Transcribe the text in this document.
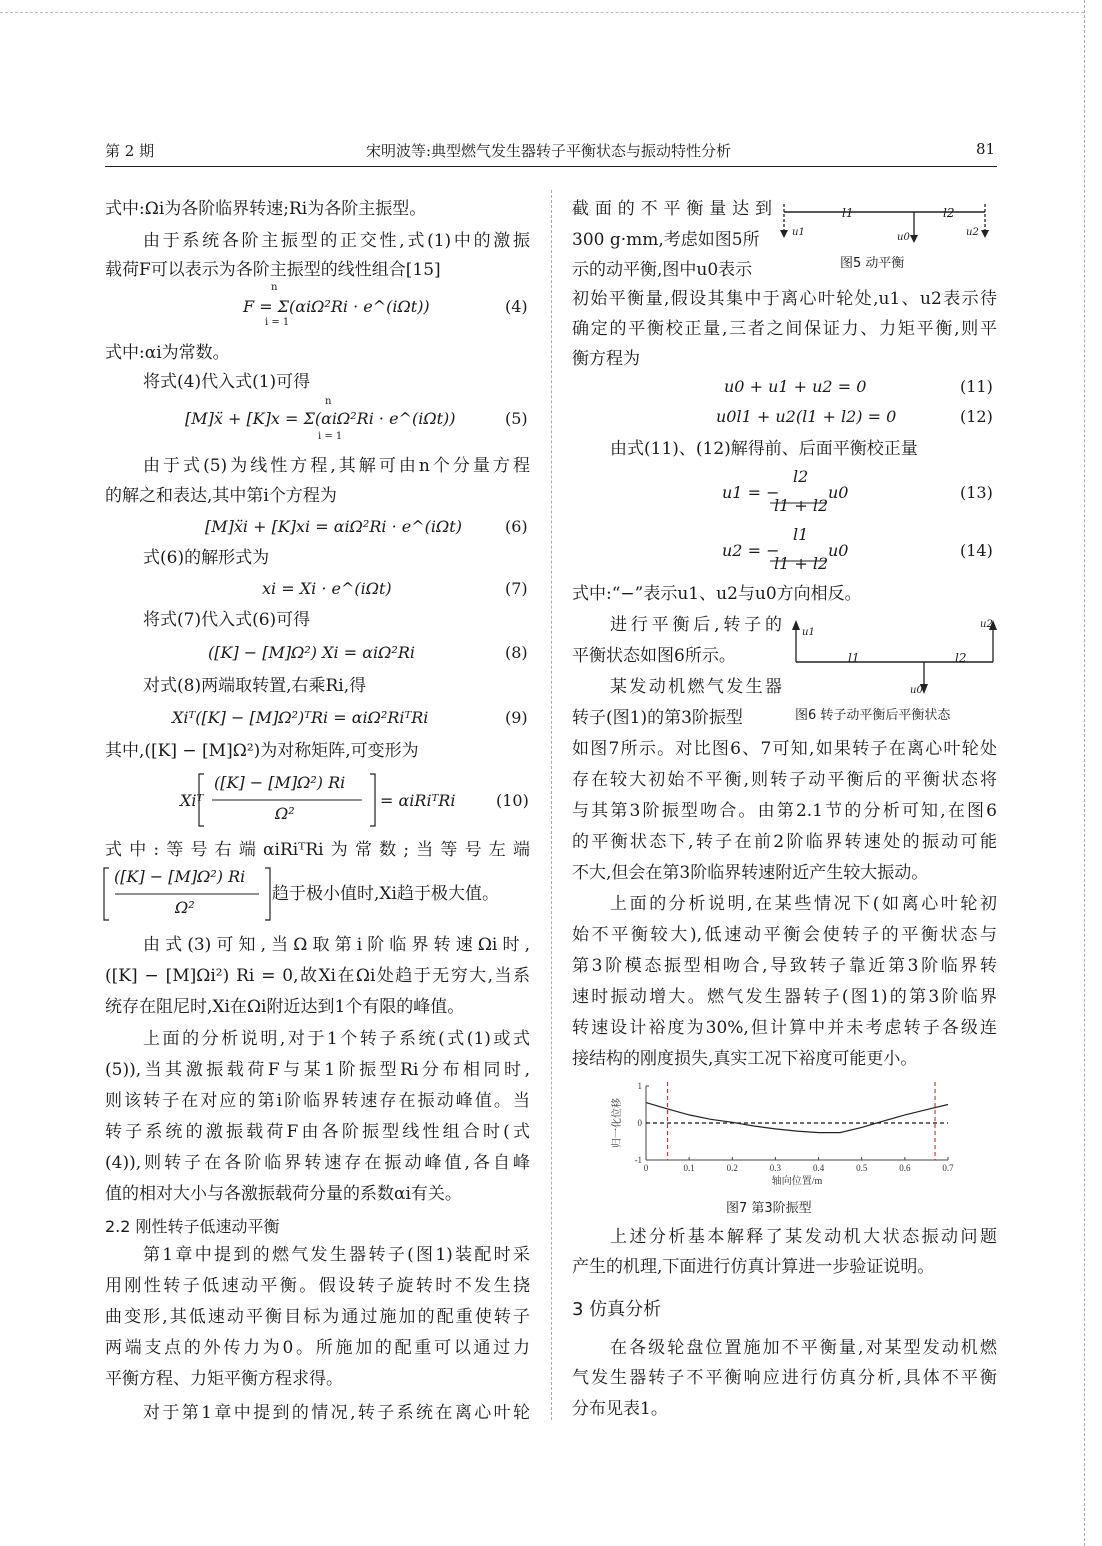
第 2 期	宋明波等:典型燃气发生器转子平衡状态与振动特性分析	81
式中:Ωi为各阶临界转速;Ri为各阶主振型。
由于系统各阶主振型的正交性,式(1)中的激振
载荷F可以表示为各阶主振型的线性组合[15]
F = Σ(αiΩ²Ri · e^(iΩt))
n
i = 1
(4)
式中:αi为常数。
将式(4)代入式(1)可得
[M]ẍ + [K]x = Σ(αiΩ²Ri · e^(iΩt))
n
i = 1
(5)
由于式(5)为线性方程,其解可由n个分量方程
的解之和表达,其中第i个方程为
[M]ẍi + [K]xi = αiΩ²Ri · e^(iΩt)	(6)
式(6)的解形式为
xi = Xi · e^(iΩt)	(7)
将式(7)代入式(6)可得
([K] − [M]Ω²) Xi = αiΩ²Ri	(8)
对式(8)两端取转置,右乘Ri,得
Xiᵀ([K] − [M]Ω²)ᵀRi = αiΩ²RiᵀRi	(9)
其中,([K] − [M]Ω²)为对称矩阵,可变形为
Xiᵀ
([K] − [M]Ω²) Ri
Ω²
= αiRiᵀRi	(10)
式中:等号右端αiRiᵀRi为常数;当等号左端
([K] − [M]Ω²) Ri
Ω²
趋于极小值时,Xi趋于极大值。
由式(3)可知,当Ω取第i阶临界转速Ωi时,
([K] − [M]Ωi²) Ri = 0,故Xi在Ωi处趋于无穷大,当系
统存在阻尼时,Xi在Ωi附近达到1个有限的峰值。
上面的分析说明,对于1个转子系统(式(1)或式
(5)),当其激振载荷F与某1阶振型Ri分布相同时,
则该转子在对应的第i阶临界转速存在振动峰值。当
转子系统的激振载荷F由各阶振型线性组合时(式
(4)),则转子在各阶临界转速存在振动峰值,各自峰
值的相对大小与各激振载荷分量的系数αi有关。
2.2 刚性转子低速动平衡
第1章中提到的燃气发生器转子(图1)装配时采
用刚性转子低速动平衡。假设转子旋转时不发生挠
曲变形,其低速动平衡目标为通过施加的配重使转子
两端支点的外传力为0。所施加的配重可以通过力
平衡方程、力矩平衡方程求得。
对于第1章中提到的情况,转子系统在离心叶轮
截面的不平衡量达到
300 g·mm,考虑如图5所
示的动平衡,图中u0表示
l1	l2
u1	u0	u2
图5 动平衡
初始平衡量,假设其集中于离心叶轮处,u1、u2表示待
确定的平衡校正量,三者之间保证力、力矩平衡,则平
衡方程为
u0 + u1 + u2 = 0	(11)
u0l1 + u2(l1 + l2) = 0	(12)
由式(11)、(12)解得前、后面平衡校正量
u1 = −
l2
l1 + l2
u0	(13)
u2 = −
l1
l1 + l2
u0	(14)
式中:“−”表示u1、u2与u0方向相反。
进行平衡后,转子的
平衡状态如图6所示。
u1
u2
l1	l2
u0
某发动机燃气发生器
转子(图1)的第3阶振型	图6 转子动平衡后平衡状态
如图7所示。对比图6、7可知,如果转子在离心叶轮处
存在较大初始不平衡,则转子动平衡后的平衡状态将
与其第3阶振型吻合。由第2.1节的分析可知,在图6
的平衡状态下,转子在前2阶临界转速处的振动可能
不大,但会在第3阶临界转速附近产生较大振动。
上面的分析说明,在某些情况下(如离心叶轮初
始不平衡较大),低速动平衡会使转子的平衡状态与
第3阶模态振型相吻合,导致转子靠近第3阶临界转
速时振动增大。燃气发生器转子(图1)的第3阶临界
转速设计裕度为30%,但计算中并未考虑转子各级连
接结构的刚度损失,真实工况下裕度可能更小。
0	0.1	0.2	0.3	0.4	0.5	0.6	0.7
-1
0
1
轴向位置/m
归一化位移
图7 第3阶振型
上述分析基本解释了某发动机大状态振动问题
产生的机理,下面进行仿真计算进一步验证说明。
3 仿真分析
在各级轮盘位置施加不平衡量,对某型发动机燃
气发生器转子不平衡响应进行仿真分析,具体不平衡
分布见表1。
